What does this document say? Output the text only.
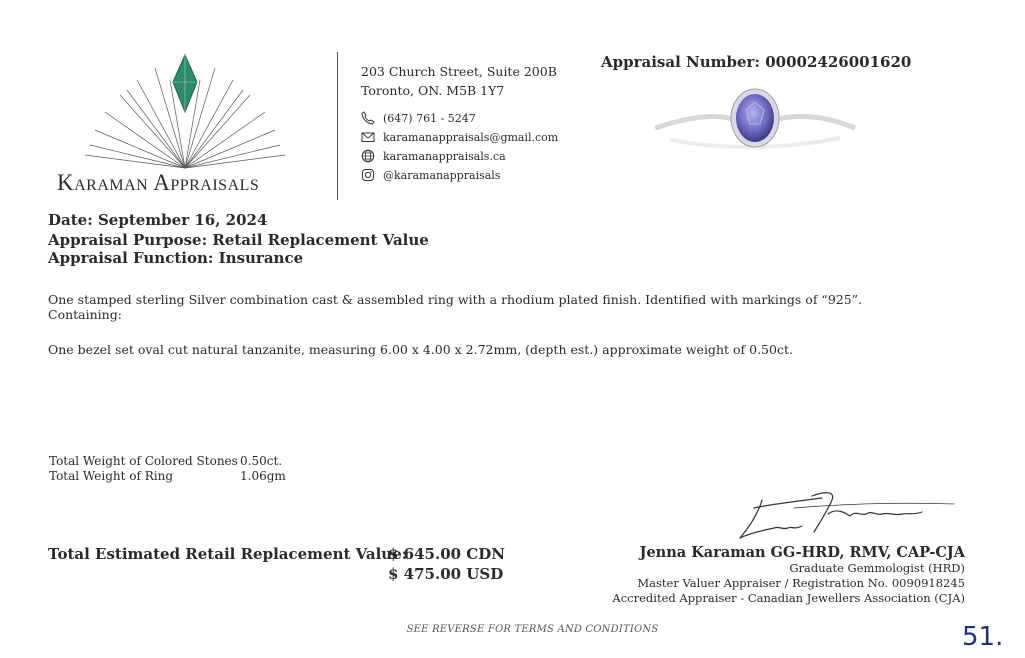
Karaman Appraisals
203 Church Street, Suite 200B
Toronto, ON. M5B 1Y7
(647) 761 - 5247
karamanappraisals@gmail.com
karamanappraisals.ca
@karamanappraisals
Appraisal Number: 00002426001620
Date: September 16, 2024
Appraisal Purpose: Retail Replacement Value
Appraisal Function: Insurance
One stamped sterling Silver combination cast & assembled ring with a rhodium plated finish. Identified with markings of “925”.
Containing:
One bezel set oval cut natural tanzanite, measuring 6.00 x 4.00 x 2.72mm, (depth est.) approximate weight of 0.50ct.
Total Weight of Colored Stones 0.50ct.
Total Weight of Ring	1.06gm
Total Estimated Retail Replacement Value:
$ 645.00 CDN
$ 475.00 USD
Jenna Karaman GG-HRD, RMV, CAP-CJA
Graduate Gemmologist (HRD)
Master Valuer Appraiser / Registration No. 0090918245
Accredited Appraiser - Canadian Jewellers Association (CJA)
SEE REVERSE FOR TERMS AND CONDITIONS	51.
